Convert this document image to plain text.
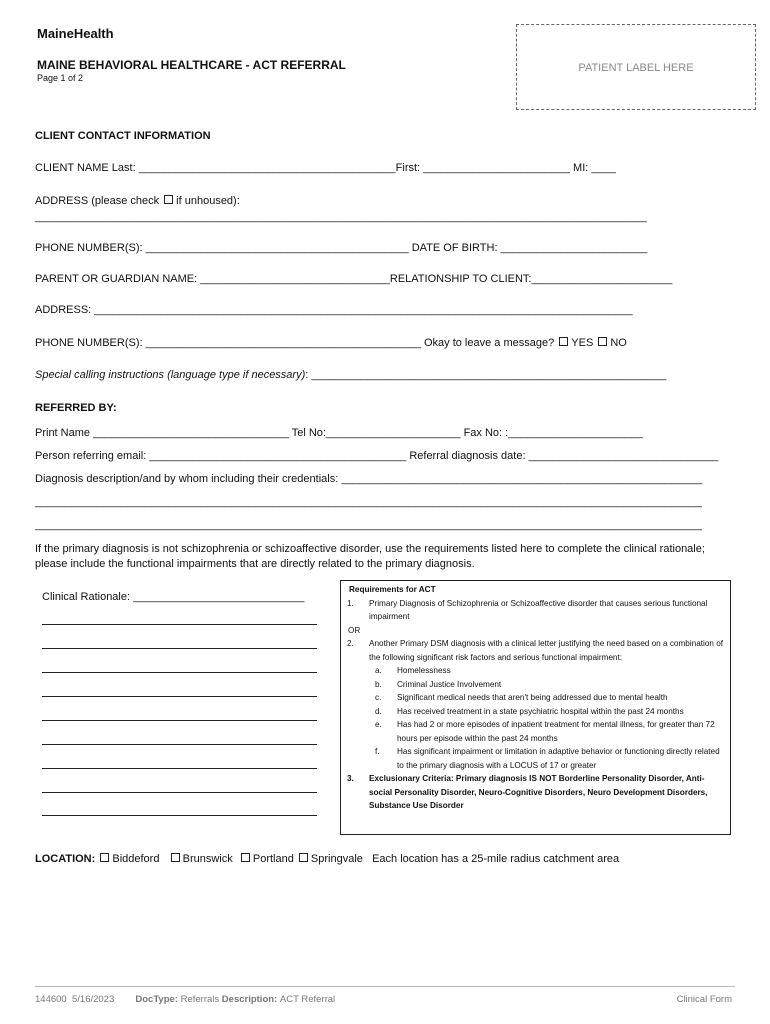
MaineHealth
MAINE BEHAVIORAL HEALTHCARE - ACT REFERRAL
Page 1 of 2
PATIENT LABEL HERE
CLIENT CONTACT INFORMATION
CLIENT NAME Last: __________________________________________First: ________________________ MI: ____
ADDRESS (please check if unhoused):
____________________________________________________________________________________________________
PHONE NUMBER(S): ___________________________________________ DATE OF BIRTH: ________________________
PARENT OR GUARDIAN NAME: _______________________________RELATIONSHIP TO CLIENT:_______________________
ADDRESS: ________________________________________________________________________________________
PHONE NUMBER(S): _____________________________________________ Okay to leave a message? YES NO
Special calling instructions (language type if necessary): __________________________________________________________
REFERRED BY:
Print Name ________________________________ Tel No:______________________ Fax No: :______________________
Person referring email: __________________________________________ Referral diagnosis date: _______________________________
Diagnosis description/and by whom including their credentials: ___________________________________________________________
_____________________________________________________________________________________________________________
_____________________________________________________________________________________________________________
If the primary diagnosis is not schizophrenia or schizoaffective disorder, use the requirements listed here to complete the clinical rationale; please include the functional impairments that are directly related to the primary diagnosis.
Clinical Rationale: ____________________________
Requirements for ACT
1.	Primary Diagnosis of Schizophrenia or Schizoaffective disorder that causes serious functional impairment
OR
2.	Another Primary DSM diagnosis with a clinical letter justifying the need based on a combination of the following significant risk factors and serious functional impairment:
a.	Homelessness
b.	Criminal Justice Involvement
c.	Significant medical needs that aren't being addressed due to mental health
d.	Has received treatment in a state psychiatric hospital within the past 24 months
e.	Has had 2 or more episodes of inpatient treatment for mental illness, for greater than 72 hours per episode within the past 24 months
f.	Has significant impairment or limitation in adaptive behavior or functioning directly related to the primary diagnosis with a LOCUS of 17 or greater
3.	Exclusionary Criteria: Primary diagnosis IS NOT Borderline Personality Disorder, Anti-social Personality Disorder, Neuro-Cognitive Disorders, Neuro Development Disorders, Substance Use Disorder
LOCATION: Biddeford Brunswick Portland Springvale Each location has a 25-mile radius catchment area
144600 5/16/2023 DocType: Referrals Description: ACT Referral	Clinical Form
